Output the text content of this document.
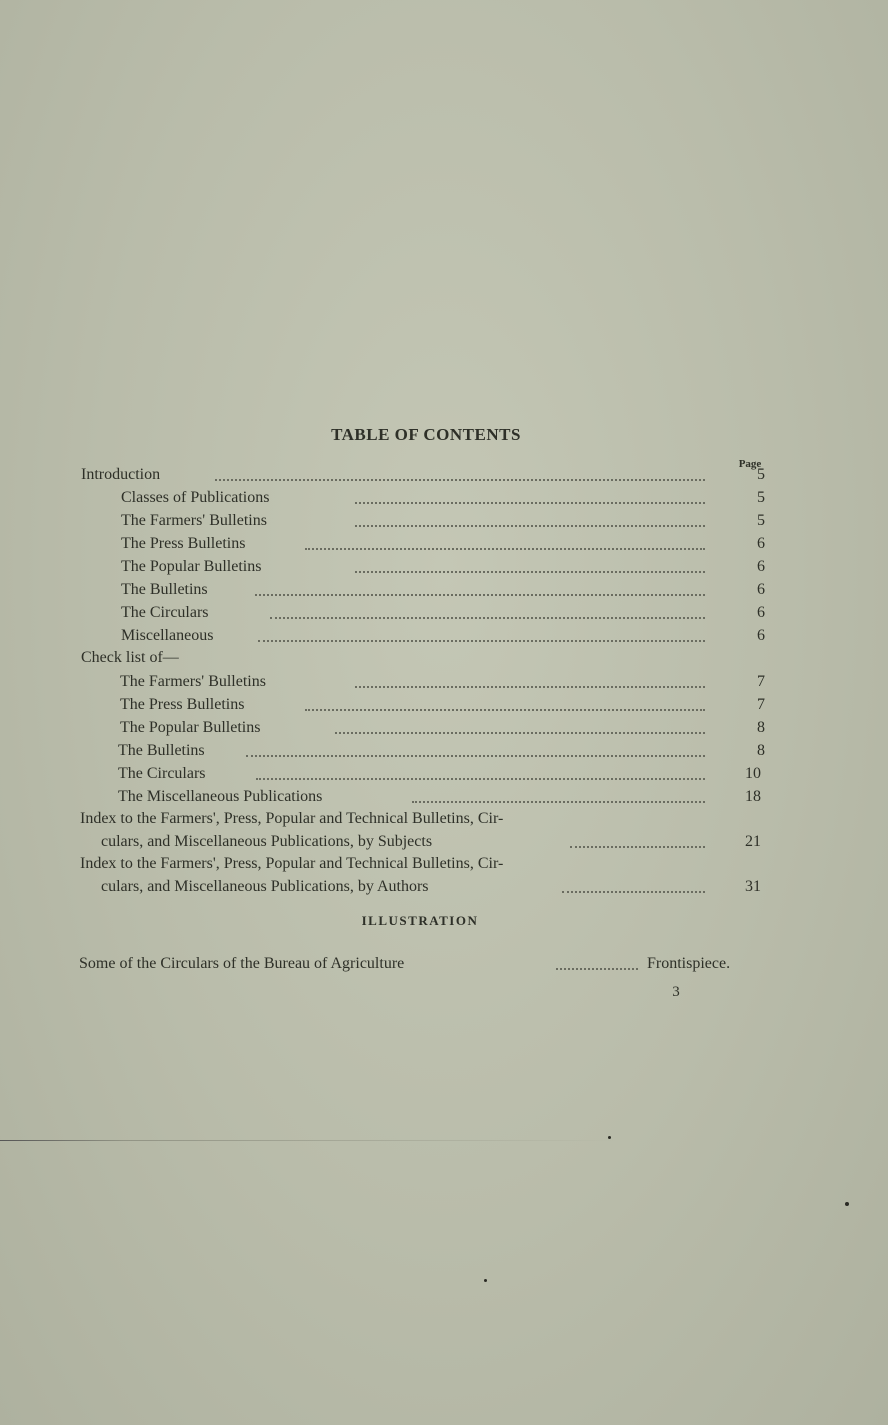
TABLE OF CONTENTS
Page
Introduction	5
Classes of Publications	5
The Farmers' Bulletins	5
The Press Bulletins	6
The Popular Bulletins	6
The Bulletins	6
The Circulars	6
Miscellaneous	6
Check list of—
The Farmers' Bulletins	7
The Press Bulletins	7
The Popular Bulletins	8
The Bulletins	8
The Circulars	10
The Miscellaneous Publications	18
Index to the Farmers', Press, Popular and Technical Bulletins, Cir-
culars, and Miscellaneous Publications, by Subjects	21
Index to the Farmers', Press, Popular and Technical Bulletins, Cir-
culars, and Miscellaneous Publications, by Authors	31
ILLUSTRATION
Some of the Circulars of the Bureau of Agriculture	Frontispiece.
3
